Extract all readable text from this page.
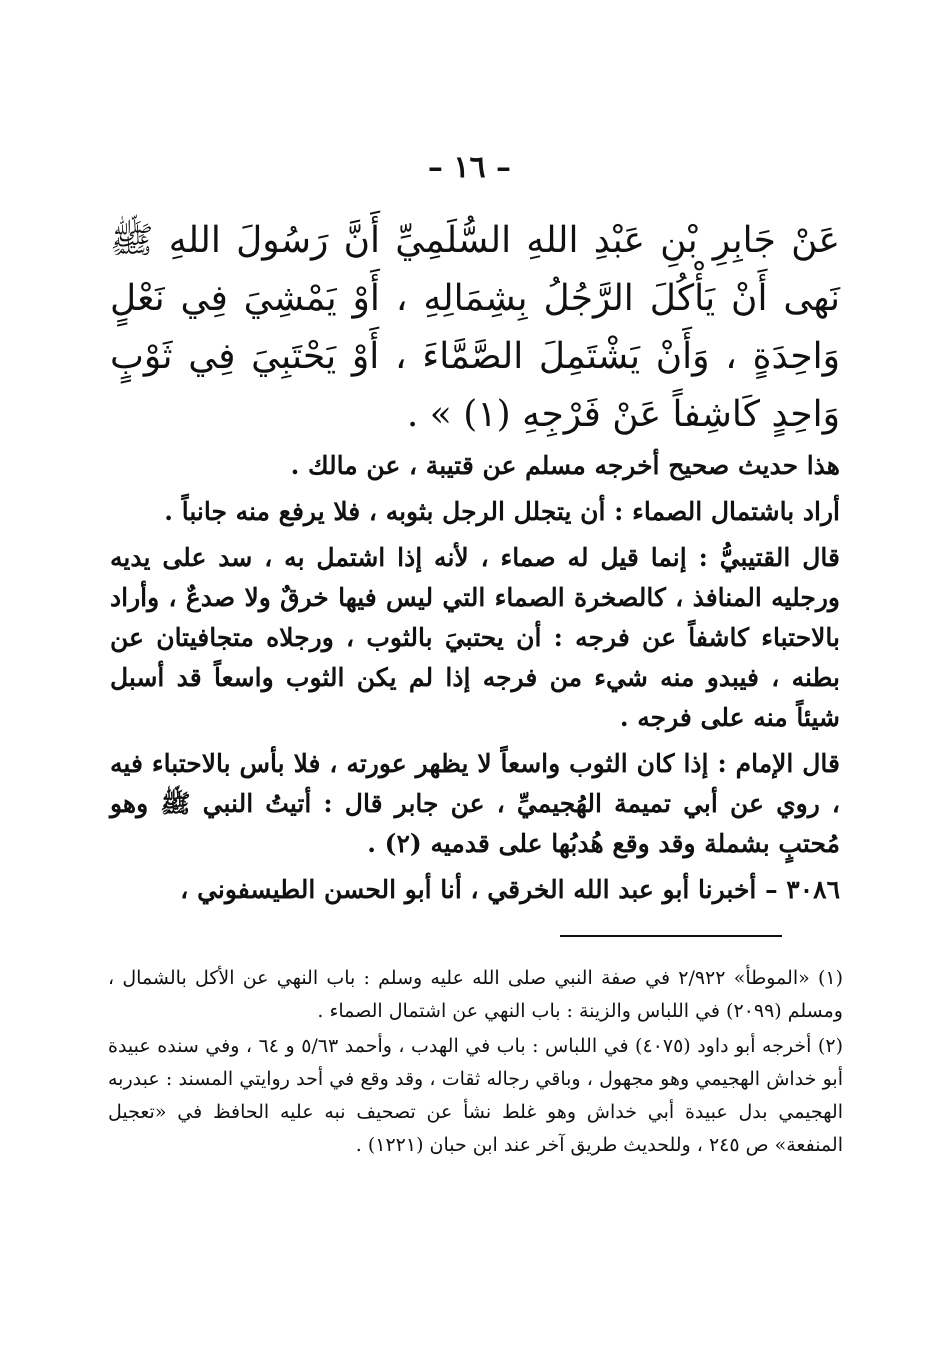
– ١٦ –

عَنْ جَابِرِ بْنِ عَبْدِ اللهِ السُّلَمِيِّ أَنَّ رَسُولَ اللهِ ﷺ نَهى أَنْ يَأْكُلَ الرَّجُلُ بِشِمَالِهِ ، أَوْ يَمْشِيَ فِي نَعْلٍ وَاحِدَةٍ ، وَأَنْ يَشْتَمِلَ الصَّمَّاءَ ، أَوْ يَحْتَبِيَ فِي ثَوْبٍ وَاحِدٍ كَاشِفاً عَنْ فَرْجِهِ (١) » .

هذا حديث صحيح أخرجه مسلم عن قتيبة ، عن مالك .

أراد باشتمال الصماء : أن يتجلل الرجل بثوبه ، فلا يرفع منه جانباً .

قال القتيبيُّ : إنما قيل له صماء ، لأنه إذا اشتمل به ، سد على يديه ورجليه المنافذ ، كالصخرة الصماء التي ليس فيها خرقٌ ولا صدعٌ ، وأراد بالاحتباء كاشفاً عن فرجه : أن يحتبيَ بالثوب ، ورجلاه متجافيتان عن بطنه ، فيبدو منه شيء من فرجه إذا لم يكن الثوب واسعاً قد أسبل شيئاً منه على فرجه .

قال الإمام : إذا كان الثوب واسعاً لا يظهر عورته ، فلا بأس بالاحتباء فيه ، روي عن أبي تميمة الهُجيميِّ ، عن جابر قال : أتيتُ النبي ﷺ وهو مُحتبٍ بشملة وقد وقع هُدبُها على قدميه (٢) .

٣٠٨٦ – أخبرنا أبو عبد الله الخرقي ، أنا أبو الحسن الطيسفوني ،

(١) «الموطأ» ٢/٩٢٢ في صفة النبي صلى الله عليه وسلم : باب النهي عن الأكل بالشمال ، ومسلم (٢٠٩٩) في اللباس والزينة : باب النهي عن اشتمال الصماء .

(٢) أخرجه أبو داود (٤٠٧٥) في اللباس : باب في الهدب ، وأحمد ٥/٦٣ و ٦٤ ، وفي سنده عبيدة أبو خداش الهجيمي وهو مجهول ، وباقي رجاله ثقات ، وقد وقع في أحد روايتي المسند : عبدربه الهجيمي بدل عبيدة أبي خداش وهو غلط نشأ عن تصحيف نبه عليه الحافظ في «تعجيل المنفعة» ص ٢٤٥ ، وللحديث طريق آخر عند ابن حبان (١٢٢١) .
